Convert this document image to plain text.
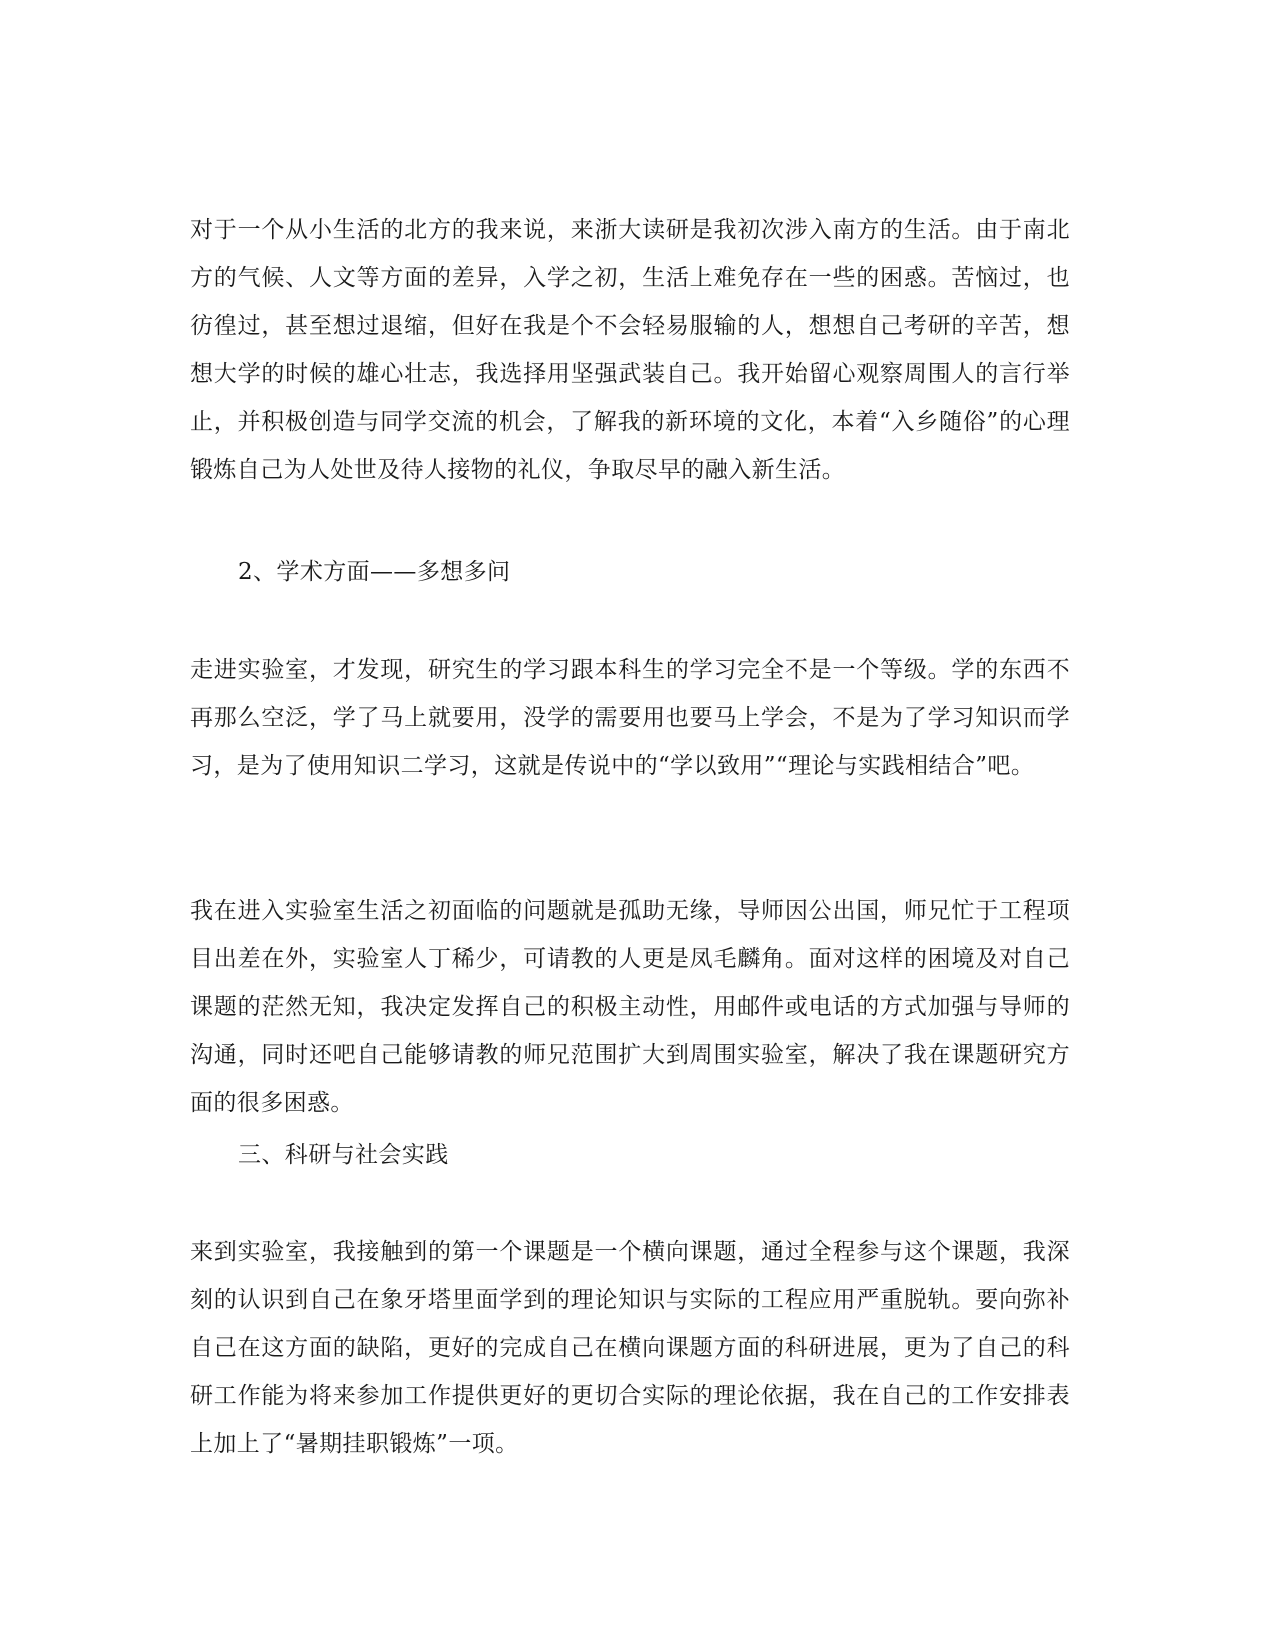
对于一个从小生活的北方的我来说，来浙大读研是我初次涉入南方的生活。由于南北方的气候、人文等方面的差异，入学之初，生活上难免存在一些的困惑。苦恼过，也彷徨过，甚至想过退缩，但好在我是个不会轻易服输的人，想想自己考研的辛苦，想想大学的时候的雄心壮志，我选择用坚强武装自己。我开始留心观察周围人的言行举止，并积极创造与同学交流的机会，了解我的新环境的文化，本着“入乡随俗”的心理锻炼自己为人处世及待人接物的礼仪，争取尽早的融入新生活。

2、学术方面——多想多问

走进实验室，才发现，研究生的学习跟本科生的学习完全不是一个等级。学的东西不再那么空泛，学了马上就要用，没学的需要用也要马上学会，不是为了学习知识而学习，是为了使用知识二学习，这就是传说中的“学以致用”“理论与实践相结合”吧。

我在进入实验室生活之初面临的问题就是孤助无缘，导师因公出国，师兄忙于工程项目出差在外，实验室人丁稀少，可请教的人更是凤毛麟角。面对这样的困境及对自己课题的茫然无知，我决定发挥自己的积极主动性，用邮件或电话的方式加强与导师的沟通，同时还吧自己能够请教的师兄范围扩大到周围实验室，解决了我在课题研究方面的很多困惑。

三、科研与社会实践

来到实验室，我接触到的第一个课题是一个横向课题，通过全程参与这个课题，我深刻的认识到自己在象牙塔里面学到的理论知识与实际的工程应用严重脱轨。要向弥补自己在这方面的缺陷，更好的完成自己在横向课题方面的科研进展，更为了自己的科研工作能为将来参加工作提供更好的更切合实际的理论依据，我在自己的工作安排表上加上了“暑期挂职锻炼”一项。
